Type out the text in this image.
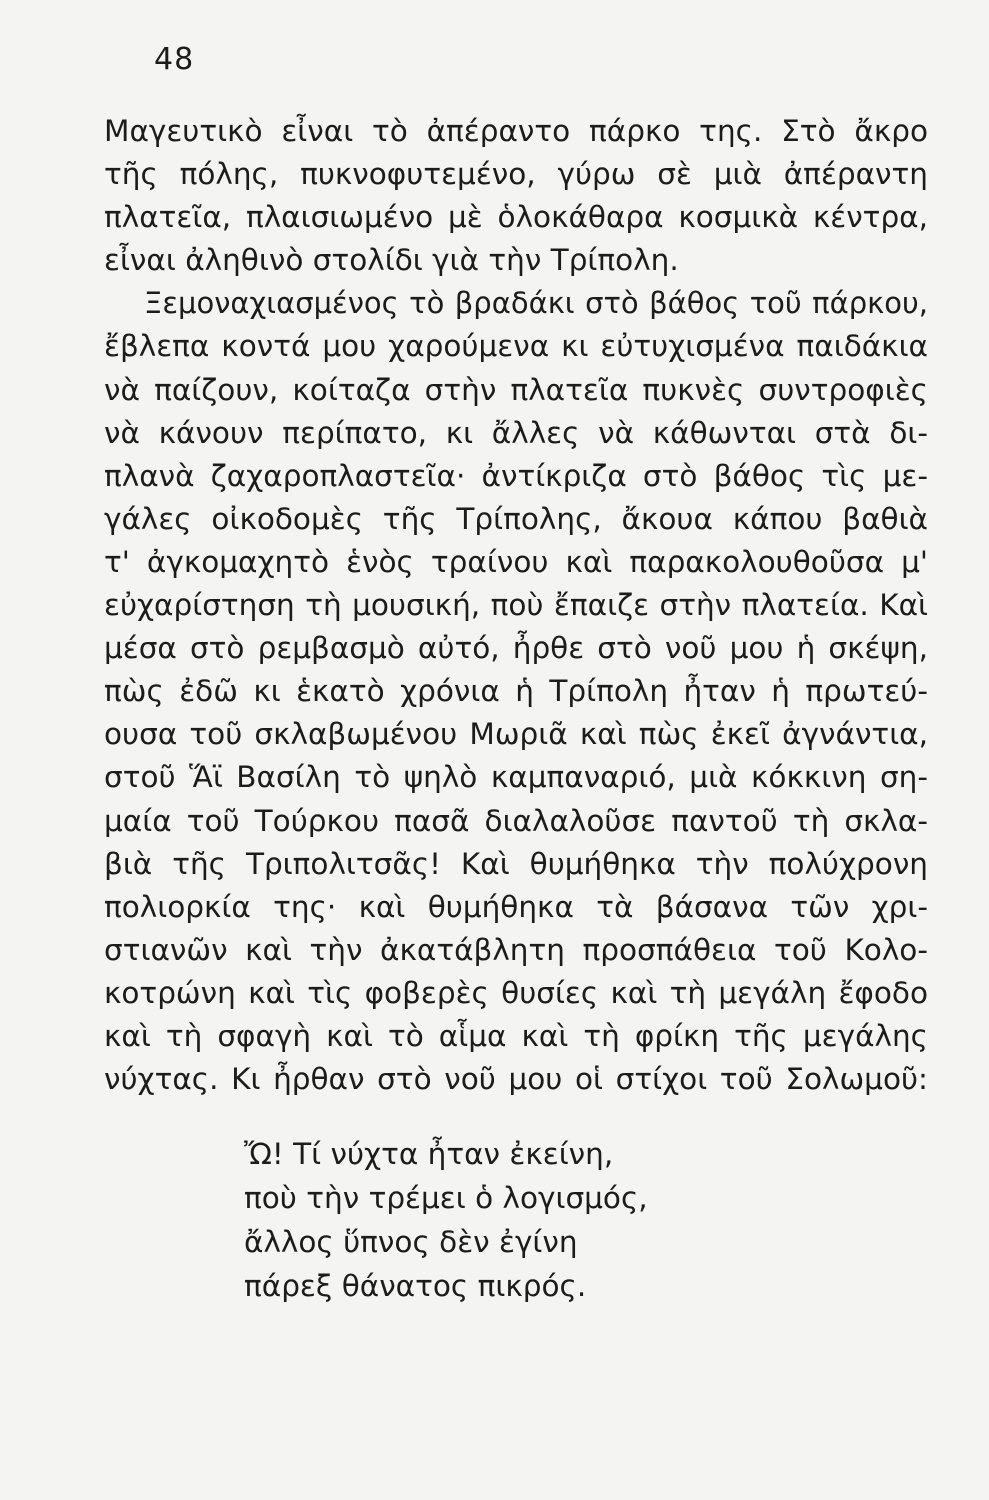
48
Μαγευτικὸ εἶναι τὸ ἀπέραντο πάρκο της. Στὸ ἄκρο
τῆς πόλης, πυκνοφυτεμένο, γύρω σὲ μιὰ ἀπέραντη
πλατεῖα, πλαισιωμένο μὲ ὁλοκάθαρα κοσμικὰ κέντρα,
εἶναι ἀληθινὸ στολίδι γιὰ τὴν Τρίπολη.
Ξεμοναχιασμένος τὸ βραδάκι στὸ βάθος τοῦ πάρκου,
ἔβλεπα κοντά μου χαρούμενα κι εὐτυχισμένα παιδάκια
νὰ παίζουν, κοίταζα στὴν πλατεῖα πυκνὲς συντροφιὲς
νὰ κάνουν περίπατο, κι ἄλλες νὰ κάθωνται στὰ δι-
πλανὰ ζαχαροπλαστεῖα· ἀντίκριζα στὸ βάθος τὶς με-
γάλες οἰκοδομὲς τῆς Τρίπολης, ἄκουα κάπου βαθιὰ
τ' ἀγκομαχητὸ ἑνὸς τραίνου καὶ παρακολουθοῦσα μ'
εὐχαρίστηση τὴ μουσική, ποὺ ἔπαιζε στὴν πλατεία. Καὶ
μέσα στὸ ρεμβασμὸ αὐτό, ἦρθε στὸ νοῦ μου ἡ σκέψη,
πὼς ἐδῶ κι ἑκατὸ χρόνια ἡ Τρίπολη ἦταν ἡ πρωτεύ-
ουσα τοῦ σκλαβωμένου Μωριᾶ καὶ πὼς ἐκεῖ ἀγνάντια,
στοῦ Ἅϊ Βασίλη τὸ ψηλὸ καμπαναριό, μιὰ κόκκινη ση-
μαία τοῦ Τούρκου πασᾶ διαλαλοῦσε παντοῦ τὴ σκλα-
βιὰ τῆς Τριπολιτσᾶς! Καὶ θυμήθηκα τὴν πολύχρονη
πολιορκία της· καὶ θυμήθηκα τὰ βάσανα τῶν χρι-
στιανῶν καὶ τὴν ἀκατάβλητη προσπάθεια τοῦ Κολο-
κοτρώνη καὶ τὶς φοβερὲς θυσίες καὶ τὴ μεγάλη ἔφοδο
καὶ τὴ σφαγὴ καὶ τὸ αἷμα καὶ τὴ φρίκη τῆς μεγάλης
νύχτας. Κι ἦρθαν στὸ νοῦ μου οἱ στίχοι τοῦ Σολωμοῦ:
Ὤ! Τί νύχτα ἦταν ἐκείνη,
ποὺ τὴν τρέμει ὁ λογισμός,
ἄλλος ὕπνος δὲν ἐγίνη
πάρεξ θάνατος πικρός.
